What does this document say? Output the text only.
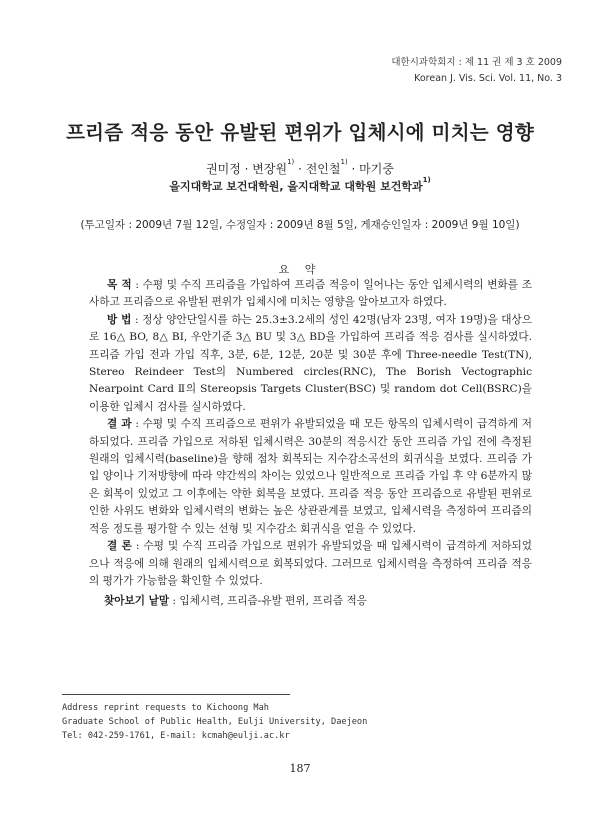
대한시과학회지 : 제 11 권 제 3 호 2009
Korean J. Vis. Sci. Vol. 11, No. 3
프리즘 적응 동안 유발된 편위가 입체시에 미치는 영향
권미정 · 변장원$^{1)}$ · 전인철$^{1)}$ · 마기중
을지대학교 보건대학원, 을지대학교 대학원 보건학과$^{1)}$
(투고일자 : 2009년 7월 12일, 수정일자 : 2009년 8월 5일, 게재승인일자 : 2009년 9월 10일)
요 약

목 적 : 수평 및 수직 프리즘을 가입하여 프리즘 적응이 일어나는 동안 입체시력의 변화를 조사하고 프리즘으로 유발된 편위가 입체시에 미치는 영향을 알아보고자 하였다.

방 법 : 정상 양안단일시를 하는 25.3±3.2세의 성인 42명(남자 23명, 여자 19명)을 대상으로 16△ BO, 8△ BI, 우안기준 3△ BU 및 3△ BD을 가입하여 프리즘 적응 검사를 실시하였다. 프리즘 가입 전과 가입 직후, 3분, 6분, 12분, 20분 및 30분 후에 Three-needle Test(TN), Stereo Reindeer Test의 Numbered circles(RNC), The Borish Vectographic Nearpoint Card Ⅱ의 Stereopsis Targets Cluster(BSC) 및 random dot Cell(BSRC)을 이용한 입체시 검사를 실시하였다.

결 과 : 수평 및 수직 프리즘으로 편위가 유발되었을 때 모든 항목의 입체시력이 급격하게 저하되었다. 프리즘 가입으로 저하된 입체시력은 30분의 적응시간 동안 프리즘 가입 전에 측정된 원래의 입체시력(baseline)을 향해 점차 회복되는 지수감소곡선의 회귀식을 보였다. 프리즘 가입 양이나 기저방향에 따라 약간씩의 차이는 있었으나 일반적으로 프리즘 가입 후 약 6분까지 많은 회복이 있었고 그 이후에는 약한 회복을 보였다. 프리즘 적응 동안 프리즘으로 유발된 편위로 인한 사위도 변화와 입체시력의 변화는 높은 상관관계를 보였고, 입체시력을 측정하여 프리즘의 적응 정도를 평가할 수 있는 선형 및 지수감소 회귀식을 얻을 수 있었다.

결 론 : 수평 및 수직 프리즘 가입으로 편위가 유발되었을 때 입체시력이 급격하게 저하되었으나 적응에 의해 원래의 입체시력으로 회복되었다. 그러므로 입체시력을 측정하여 프리즘 적응의 평가가 가능함을 확인할 수 있었다.

찾아보기 낱말 : 입체시력, 프리즘-유발 편위, 프리즘 적응
Address reprint requests to Kichoong Mah
Graduate School of Public Health, Eulji University, Daejeon
Tel: 042-259-1761, E-mail: kcmah@eulji.ac.kr
187
